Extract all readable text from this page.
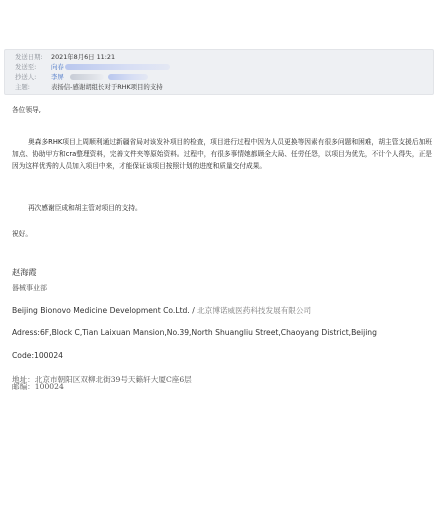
发送日期: 2021年8月6日 11:21
发送至: 向春
抄送人: 李屏
主题:	表扬信-感谢胡组长对于RHK项目的支持
各位领导,
奥森多RHK项目上周顺利通过新疆省局对该发补项目的检查，项目进行过程中因为人员更换等因素有很多问题和困难，胡主管支援后加班加点、协助甲方和cra整理资料，完善文件夹等原始资料。过程中，有很多事情她都顾全大局、任劳任怨，以项目为优先，不计个人得失，正是因为这样优秀的人员加入项目中来，才能保证该项目按照计划的进度和质量交付成果。
再次感谢臣成和胡主管对项目的支持。
祝好。
赵海霞
器械事业部
Beijing Bionovo Medicine Development Co.Ltd. / 北京博诺威医药科技发展有限公司
Adress:6F,Block C,Tian Laixuan Mansion,No.39,North Shuangliu Street,Chaoyang District,Beijing
Code:100024
地址：北京市朝阳区双柳北街39号天籁轩大厦C座6层
邮编：100024
